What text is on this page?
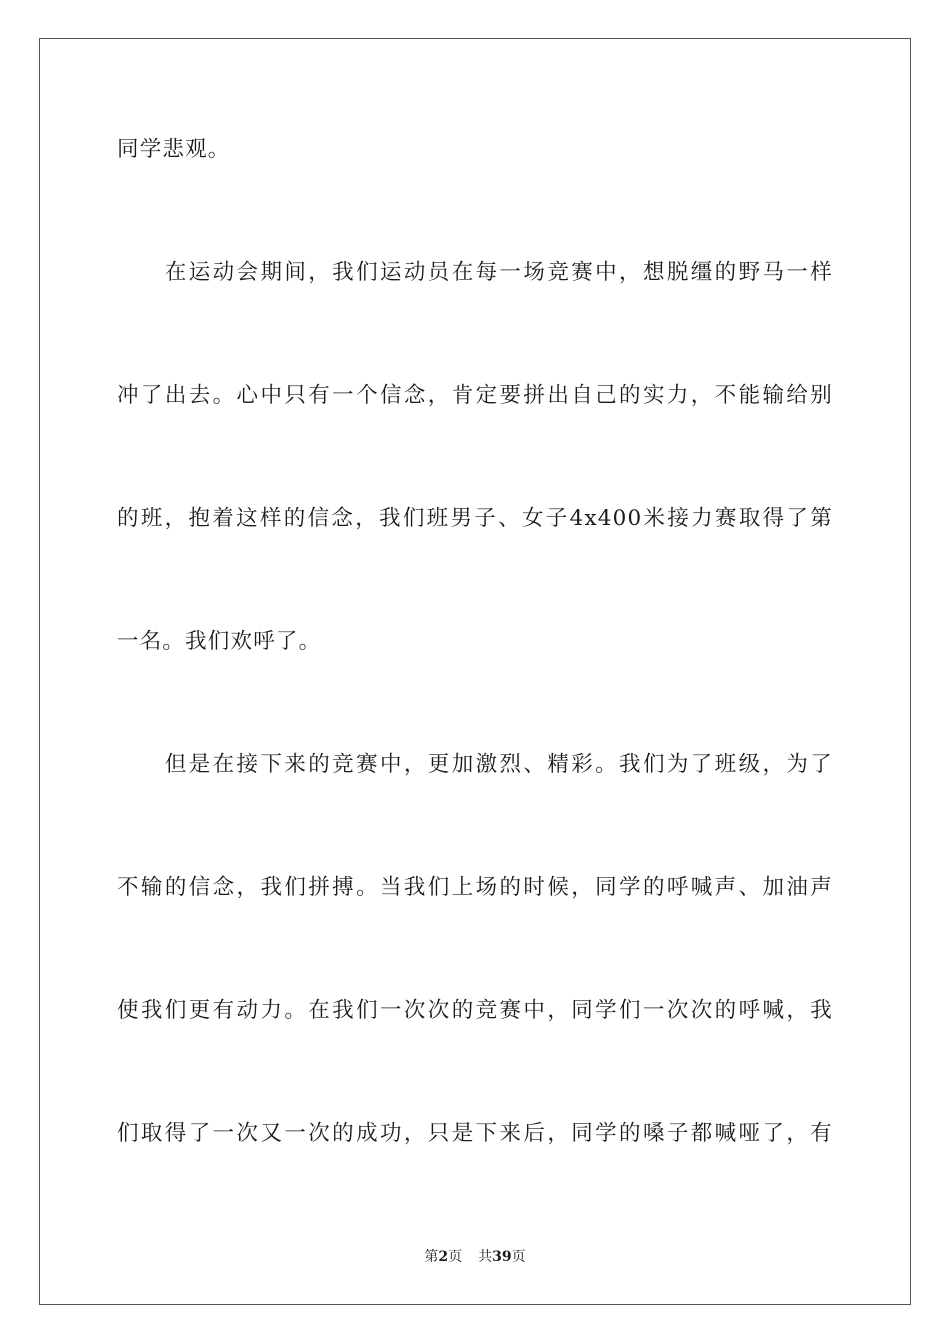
同学悲观。
　　在运动会期间，我们运动员在每一场竞赛中，想脱缰的野马一样
冲了出去。心中只有一个信念，肯定要拼出自己的实力，不能输给别
的班，抱着这样的信念，我们班男子、女子4x400米接力赛取得了第
一名。我们欢呼了。
　　但是在接下来的竞赛中，更加激烈、精彩。我们为了班级，为了
不输的信念，我们拼搏。当我们上场的时候，同学的呼喊声、加油声
使我们更有动力。在我们一次次的竞赛中，同学们一次次的呼喊，我
们取得了一次又一次的成功，只是下来后，同学的嗓子都喊哑了，有
第2页 共39页
